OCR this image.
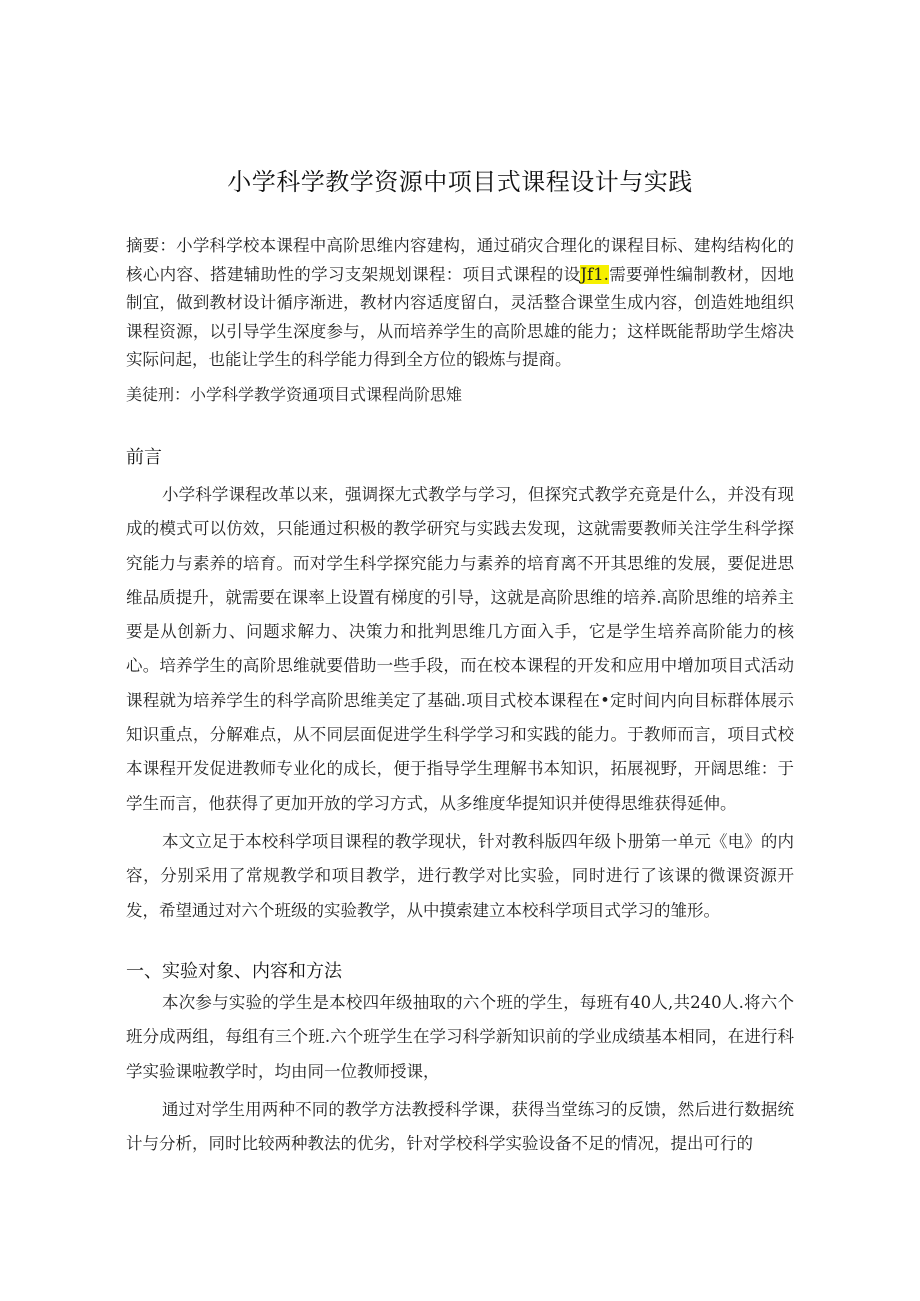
小学科学教学资源中项目式课程设计与实践

摘要：小学科学校本课程中高阶思维内容建构，通过硝灾合理化的课程目标、建构结构化的核心内容、搭建辅助性的学习支架规划课程：项目式课程的设Jf1.需要弹性编制教材，因地制宜，做到教材设计循序渐进，教材内容适度留白，灵活整合课堂生成内容，创造姓地组织课程资源，以引导学生深度参与，从而培养学生的高阶思雄的能力；这样既能帮助学生熔决实际问起，也能让学生的科学能力得到全方位的锻炼与提商。

美徒刑：小学科学教学资通项目式课程尚阶思雉
前言

小学科学课程改革以来，强调探尢式教学与学习，但探究式教学充竟是什么，并没有现成的模式可以仿效，只能通过积极的教学研究与实践去发现，这就需要教师关注学生科学探究能力与素养的培育。而对学生科学探究能力与素养的培育离不开其思维的发展，要促进思维品质提升，就需要在课率上设置有梯度的引导，这就是高阶思维的培养.高阶思维的培养主要是从创新力、问题求解力、决策力和批判思维几方面入手，它是学生培养高阶能力的核心。培养学生的高阶思维就要借助一些手段，而在校本课程的开发和应用中增加项目式活动课程就为培养学生的科学高阶思维美定了基础.项目式校本课程在•定时间内向目标群体展示知识重点，分解难点，从不同层面促进学生科学学习和实践的能力。于教师而言，项目式校本课程开发促进教师专业化的成长，便于指导学生理解书本知识，拓展视野，开阔思维：于学生而言，他获得了更加开放的学习方式，从多维度华提知识并使得思维获得延伸。

本文立足于本校科学项目课程的教学现状，针对教科版四年级卜册第一单元《电》的内容，分别采用了常规教学和项目教学，进行教学对比实验，同时进行了该课的微课资源开发，希望通过对六个班级的实验教学，从中摸索建立本校科学项目式学习的雏形。

一、实验对象、内容和方法

本次参与实验的学生是本校四年级抽取的六个班的学生，每班有40人,共240人.将六个班分成两组，每组有三个班.六个班学生在学习科学新知识前的学业成绩基本相同，在进行科学实验课啦教学时，均由同一位教师授课，

通过对学生用两种不同的教学方法教授科学课，获得当堂练习的反馈，然后进行数据统计与分析，同时比较两种教法的优劣，针对学校科学实验设备不足的情况，提出可行的
